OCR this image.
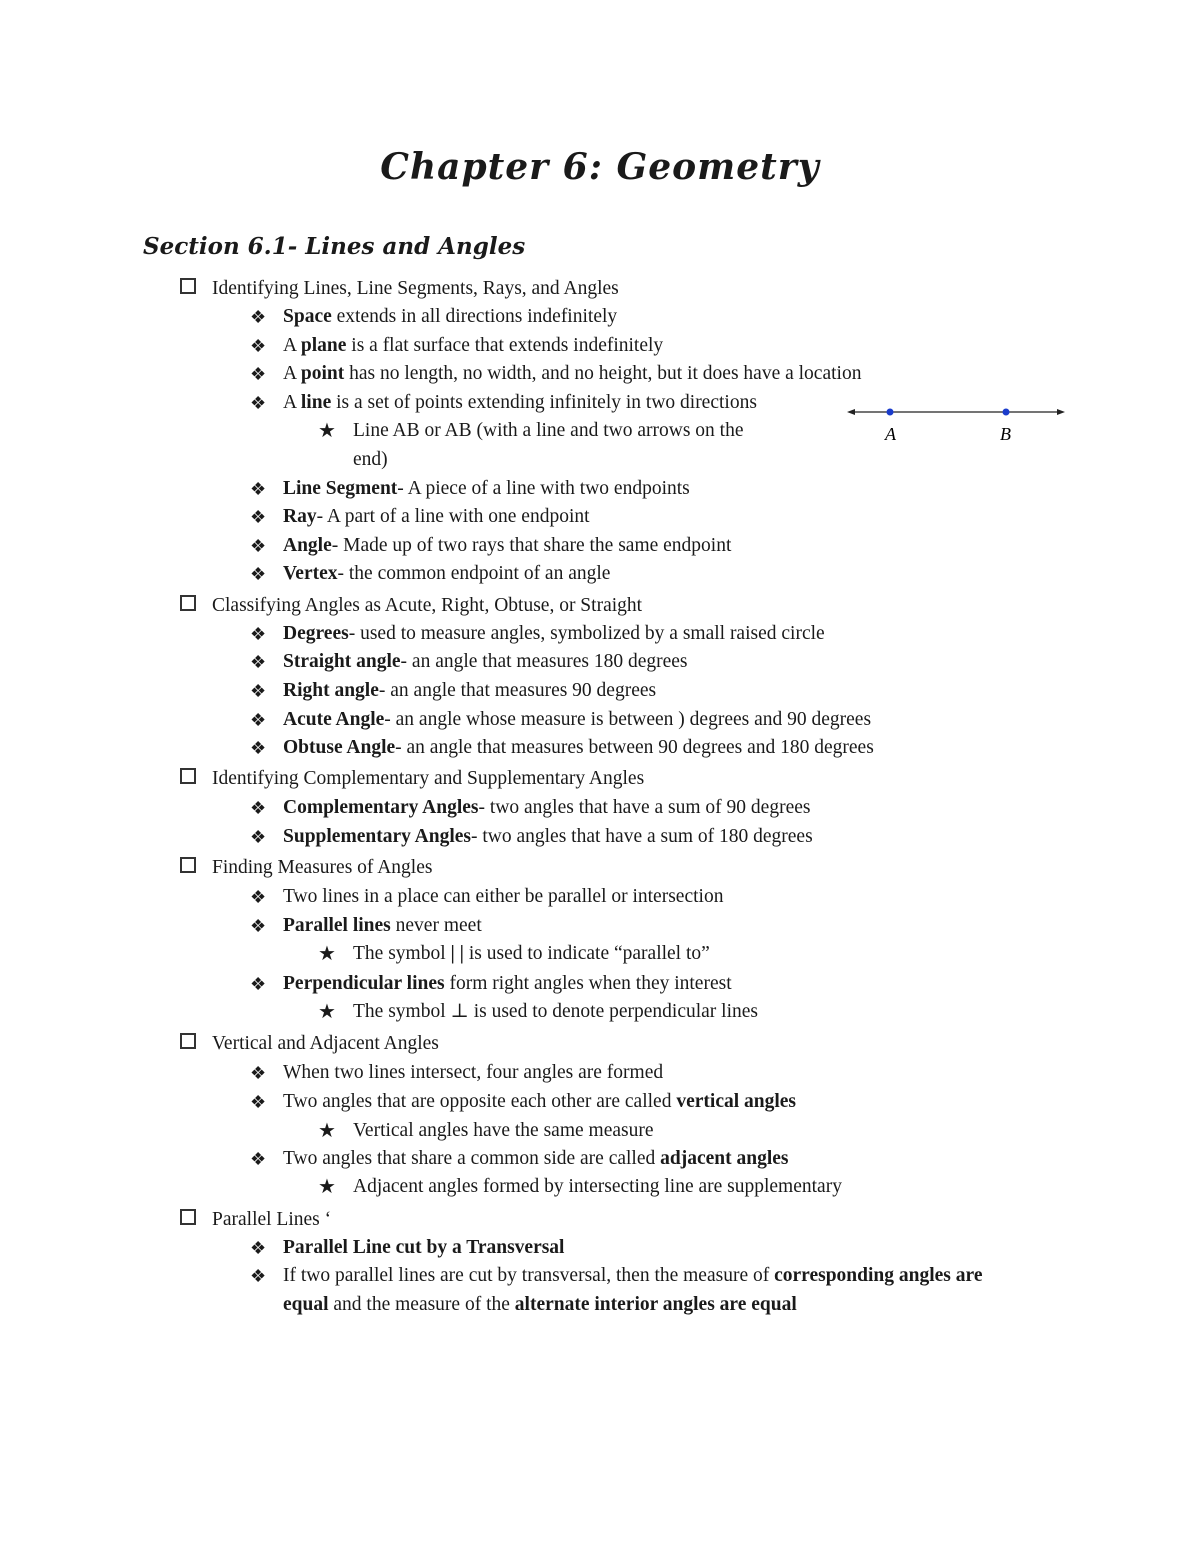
Chapter 6: Geometry
Section 6.1- Lines and Angles
Identifying Lines, Line Segments, Rays, and Angles
❖ Space extends in all directions indefinitely
❖ A plane is a flat surface that extends indefinitely
❖ A point has no length, no width, and no height, but it does have a location
❖ A line is a set of points extending infinitely in two directions
★ Line AB or AB (with a line and two arrows on the
end)
A	B
❖ Line Segment- A piece of a line with two endpoints
❖ Ray- A part of a line with one endpoint
❖ Angle- Made up of two rays that share the same endpoint
❖ Vertex- the common endpoint of an angle
Classifying Angles as Acute, Right, Obtuse, or Straight
❖ Degrees- used to measure angles, symbolized by a small raised circle
❖ Straight angle- an angle that measures 180 degrees
❖ Right angle- an angle that measures 90 degrees
❖ Acute Angle- an angle whose measure is between ) degrees and 90 degrees
❖ Obtuse Angle- an angle that measures between 90 degrees and 180 degrees
Identifying Complementary and Supplementary Angles
❖ Complementary Angles- two angles that have a sum of 90 degrees
❖ Supplementary Angles- two angles that have a sum of 180 degrees
Finding Measures of Angles
❖ Two lines in a place can either be parallel or intersection
❖ Parallel lines never meet
★ The symbol | | is used to indicate “parallel to”
❖ Perpendicular lines form right angles when they interest
★ The symbol ⊥ is used to denote perpendicular lines
Vertical and Adjacent Angles
❖ When two lines intersect, four angles are formed
❖ Two angles that are opposite each other are called vertical angles
★ Vertical angles have the same measure
❖ Two angles that share a common side are called adjacent angles
★ Adjacent angles formed by intersecting line are supplementary
Parallel Lines ‘
❖ Parallel Line cut by a Transversal
❖ If two parallel lines are cut by transversal, then the measure of corresponding angles are
equal and the measure of the alternate interior angles are equal
